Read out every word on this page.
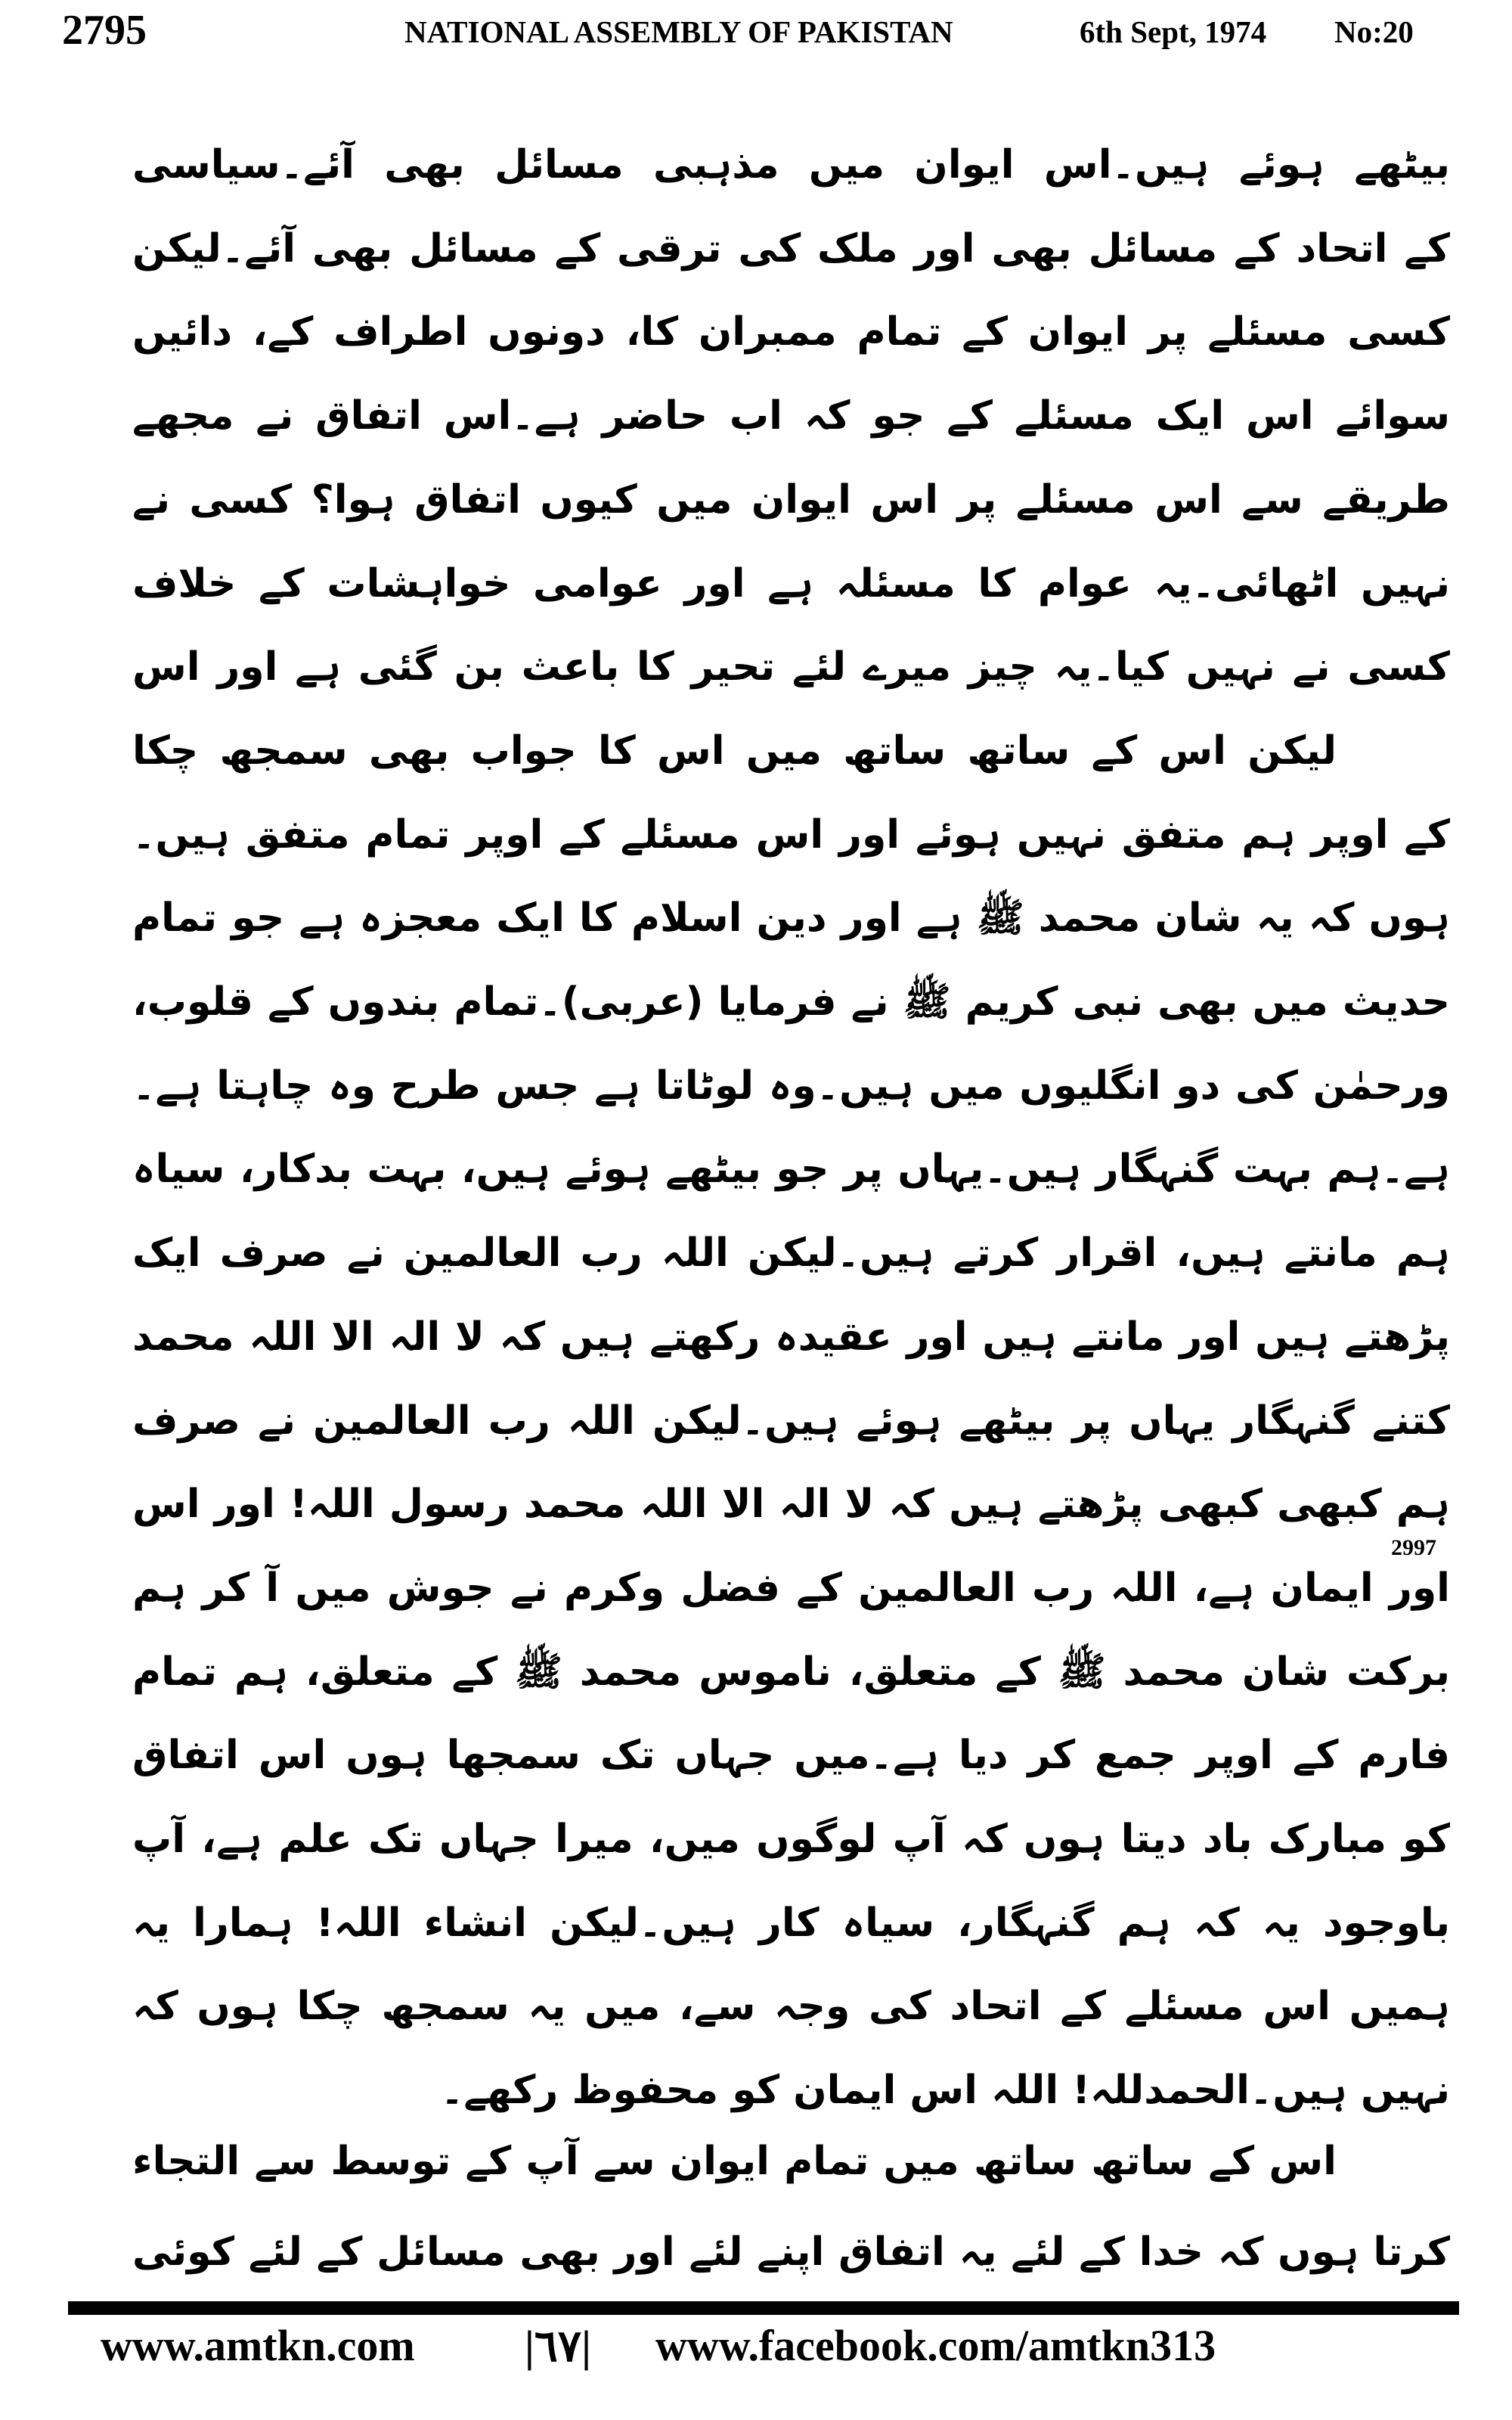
2795	NATIONAL ASSEMBLY OF PAKISTAN	6th Sept, 1974 No:20
بیٹھے ہوئے ہیں۔اس ایوان میں مذہبی مسائل بھی آئے۔سیاسی
کے اتحاد کے مسائل بھی اور ملک کی ترقی کے مسائل بھی آئے۔لیکن
کسی مسئلے پر ایوان کے تمام ممبران کا، دونوں اطراف کے، دائیں
سوائے اس ایک مسئلے کے جو کہ اب حاضر ہے۔اس اتفاق نے مجھے
طریقے سے اس مسئلے پر اس ایوان میں کیوں اتفاق ہوا؟ کسی نے
نہیں اٹھائی۔یہ عوام کا مسئلہ ہے اور عوامی خواہشات کے خلاف
کسی نے نہیں کیا۔یہ چیز میرے لئے تحیر کا باعث بن گئی ہے اور اس
لیکن اس کے ساتھ ساتھ میں اس کا جواب بھی سمجھ چکا
کے اوپر ہم متفق نہیں ہوئے اور اس مسئلے کے اوپر تمام متفق ہیں۔
ہوں کہ یہ شان محمد ﷺ ہے اور دین اسلام کا ایک معجزہ ہے جو تمام
حدیث میں بھی نبی کریم ﷺ نے فرمایا (عربی)۔تمام بندوں کے قلوب،
ورحمٰن کی دو انگلیوں میں ہیں۔وہ لوٹاتا ہے جس طرح وہ چاہتا ہے۔
ہے۔ہم بہت گنہگار ہیں۔یہاں پر جو بیٹھے ہوئے ہیں، بہت بدکار، سیاہ
ہم مانتے ہیں، اقرار کرتے ہیں۔لیکن اللہ رب العالمین نے صرف ایک
پڑھتے ہیں اور مانتے ہیں اور عقیدہ رکھتے ہیں کہ لا الہ الا اللہ محمد
کتنے گنہگار یہاں پر بیٹھے ہوئے ہیں۔لیکن اللہ رب العالمین نے صرف
ہم کبھی کبھی پڑھتے ہیں کہ لا الہ الا اللہ محمد رسول اللہ! اور اس
اور ایمان ہے، اللہ رب العالمین کے فضل وکرم نے جوش میں آ کر ہم
برکت شان محمد ﷺ کے متعلق، ناموس محمد ﷺ کے متعلق، ہم تمام
فارم کے اوپر جمع کر دیا ہے۔میں جہاں تک سمجھا ہوں اس اتفاق
کو مبارک باد دیتا ہوں کہ آپ لوگوں میں، میرا جہاں تک علم ہے، آپ
باوجود یہ کہ ہم گنہگار، سیاہ کار ہیں۔لیکن انشاء اللہ! ہمارا یہ
ہمیں اس مسئلے کے اتحاد کی وجہ سے، میں یہ سمجھ چکا ہوں کہ
نہیں ہیں۔الحمدللہ! اللہ اس ایمان کو محفوظ رکھے۔
اس کے ساتھ ساتھ میں تمام ایوان سے آپ کے توسط سے التجاء
کرتا ہوں کہ خدا کے لئے یہ اتفاق اپنے لئے اور بھی مسائل کے لئے کوئی
2997
www.amtkn.com	|٦٧| www.facebook.com/amtkn313
